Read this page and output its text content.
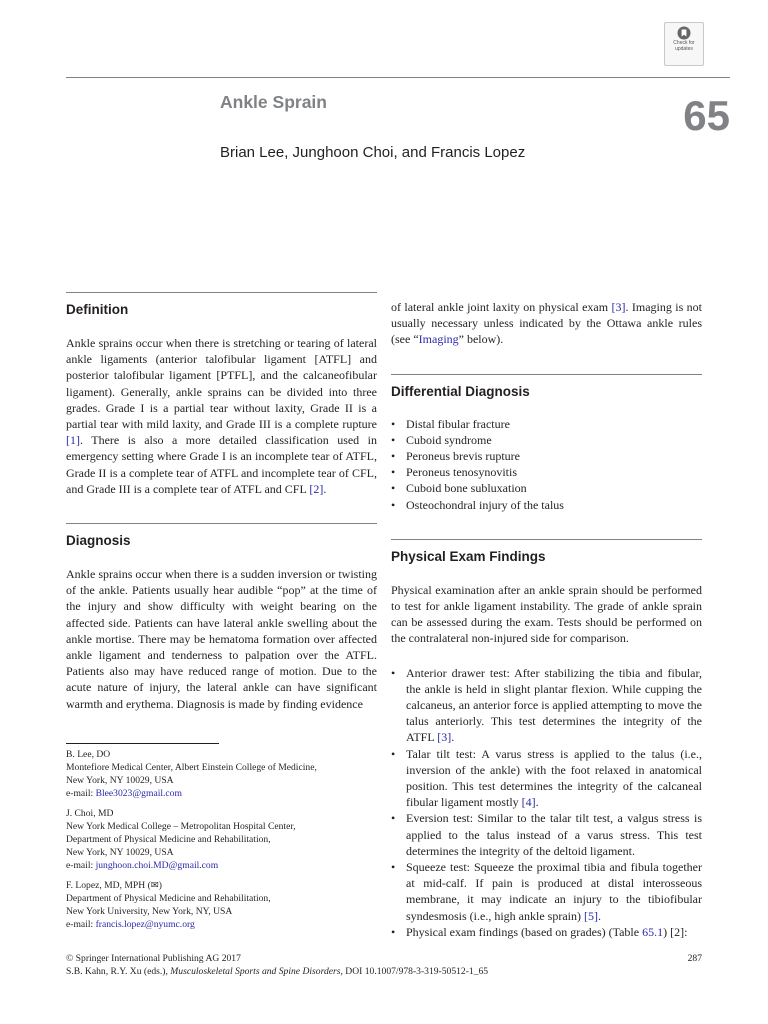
Check for
updates
Ankle Sprain	65
Brian Lee, Junghoon Choi, and Francis Lopez
Definition

Ankle sprains occur when there is stretching or tearing of lateral ankle ligaments (anterior talofibular ligament [ATFL] and posterior talofibular ligament [PTFL], and the calcaneofibular ligament). Generally, ankle sprains can be divided into three grades. Grade I is a partial tear without laxity, Grade II is a partial tear with mild laxity, and Grade III is a complete rupture [1]. There is also a more detailed classification used in emergency setting where Grade I is an incomplete tear of ATFL, Grade II is a complete tear of ATFL and incomplete tear of CFL, and Grade III is a complete tear of ATFL and CFL [2].

Diagnosis

Ankle sprains occur when there is a sudden inversion or twisting of the ankle. Patients usually hear audible “pop” at the time of the injury and show difficulty with weight bearing on the affected side. Patients can have lateral ankle swelling about the ankle mortise. There may be hematoma formation over affected ankle ligament and tenderness to palpation over the ATFL. Patients also may have reduced range of motion. Due to the acute nature of injury, the lateral ankle can have significant warmth and erythema. Diagnosis is made by finding evidence

of lateral ankle joint laxity on physical exam [3]. Imaging is not usually necessary unless indicated by the Ottawa ankle rules (see “Imaging” below).

Differential Diagnosis
• Distal fibular fracture
• Cuboid syndrome
• Peroneus brevis rupture
• Peroneus tenosynovitis
• Cuboid bone subluxation
• Osteochondral injury of the talus
Physical Exam Findings

Physical examination after an ankle sprain should be performed to test for ankle ligament instability. The grade of ankle sprain can be assessed during the exam. Tests should be performed on the contralateral non-injured side for comparison.

• Anterior drawer test: After stabilizing the tibia and fibular, the ankle is held in slight plantar flexion. While cupping the calcaneus, an anterior force is applied attempting to move the talus anteriorly. This test determines the integrity of the ATFL [3].
• Talar tilt test: A varus stress is applied to the talus (i.e., inversion of the ankle) with the foot relaxed in anatomical position. This test determines the integrity of the calcaneal fibular ligament mostly [4].
• Eversion test: Similar to the talar tilt test, a valgus stress is applied to the talus instead of a varus stress. This test determines the integrity of the deltoid ligament.
• Squeeze test: Squeeze the proximal tibia and fibula together at mid-calf. If pain is produced at distal interosseous membrane, it may indicate an injury to the tibiofibular syndesmosis (i.e., high ankle sprain) [5].
• Physical exam findings (based on grades) (Table 65.1) [2]:
B. Lee, DO
Montefiore Medical Center, Albert Einstein College of Medicine,
New York, NY 10029, USA
e-mail: Blee3023@gmail.com
J. Choi, MD
New York Medical College – Metropolitan Hospital Center,
Department of Physical Medicine and Rehabilitation,
New York, NY 10029, USA
e-mail: junghoon.choi.MD@gmail.com
F. Lopez, MD, MPH (✉)
Department of Physical Medicine and Rehabilitation,
New York University, New York, NY, USA
e-mail: francis.lopez@nyumc.org
© Springer International Publishing AG 2017
S.B. Kahn, R.Y. Xu (eds.), Musculoskeletal Sports and Spine Disorders, DOI 10.1007/978-3-319-50512-1_65
287
